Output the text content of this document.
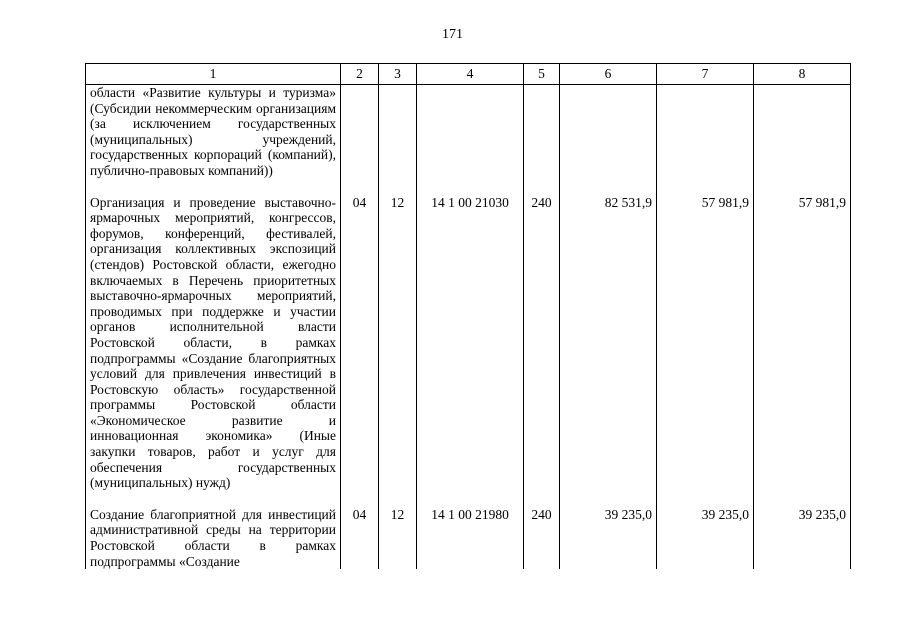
171
1	2	3	4	5	6	7	8
области «Развитие культуры и туризма» (Субсидии некоммерческим организациям (за исключением государственных (муниципальных) учреждений, государственных корпораций (компаний), публично-правовых компаний))							
Организация и проведение выставочно-ярмарочных мероприятий, конгрессов, форумов, конференций, фестивалей, организация коллективных экспозиций (стендов) Ростовской области, ежегодно включаемых в Перечень приоритетных выставочно-ярмарочных мероприятий, проводимых при поддержке и участии органов исполнительной власти Ростовской области, в рамках подпрограммы «Создание благоприятных условий для привлечения инвестиций в Ростовскую область» государственной программы Ростовской области «Экономическое развитие и инновационная экономика» (Иные закупки товаров, работ и услуг для обеспечения государственных (муниципальных) нужд)	04	12	14 1 00 21030	240	82 531,9	57 981,9	57 981,9
Создание благоприятной для инвестиций административной среды на территории Ростовской области в рамках подпрограммы «Создание	04	12	14 1 00 21980	240	39 235,0	39 235,0	39 235,0
